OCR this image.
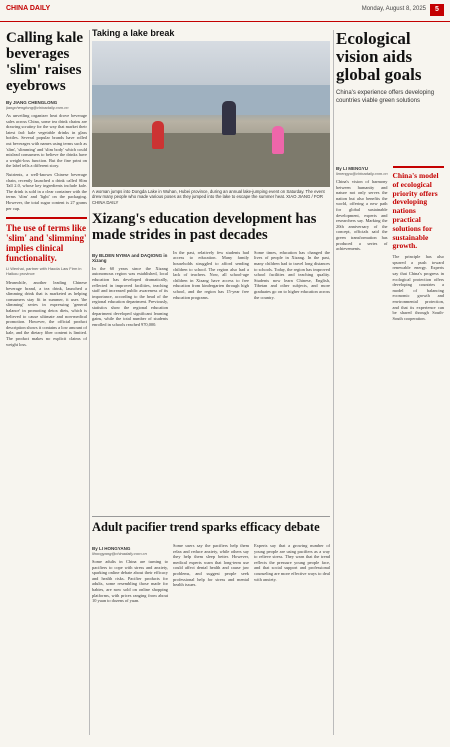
CHINA DAILY	Monday, August 8, 2025	5
Calling kale beverages 'slim' raises eyebrows
By JIANG CHENGLONG
jiangchenglong@chinadaily.com.cn
As unveiling organizer heat drove beverage sales across China, some tea drink chains are drawing scrutiny for the way that market their latest fad: kale vegetable drinks in glass bottles. Several popular brands have rolled out beverages with names using terms such as 'slim', 'slimming' and 'slim body' which could mislead consumers to believe the drinks have a weight-loss function. But the fine print on the label tells a different story.
Nutrients, a well-known Chinese beverage chain, recently launched a drink called Slim Tall 2.0, whose key ingredients include kale. The drink is sold in a clear container with the terms 'slim' and 'light' on the packaging. However, the total sugar content is 27 grams per cup.
The use of terms like 'slim' and 'slimming' implies clinical functionality.
Li Wenhai, partner with Haoda Law Firm in Haikou province
Meanwhile, another leading Chinese beverage brand, a tea drink, launched a slimming drink that is marketed as helping consumers stay fit in summer, it uses 'the slimming' series in expressing 'general balance' in promoting detox diets, which is believed to cause ultimate and non-medical promotion. However, the official product description shows it contains a low amount of kale, and the dietary fiber content is limited. The product makes no explicit claims of weight loss.
Taking a lake break
A woman jumps into Dongda Lake in Wuhan, Hubei province, during an annual lake-jumping event on Saturday. The event drew many people who made various poses as they jumped into the lake to escape the summer heat. XIAO JIANG / FOR CHINA DAILY
Xizang's education development has made strides in past decades
By BLDEN NYIMA and DAQIONG in Xizang
In the 60 years since the Xizang autonomous region was established, local education has developed dramatically, reflected in improved facilities, teaching staff and increased public awareness of its importance, according to the head of the regional education department. Previously, statistics show the regional education department developed significant learning gains, while the total number of students enrolled in schools reached 970,000.
In the past, relatively few students had access to education. Many family households struggled to afford sending children to school. The region also had a lack of teachers. Now, all school-age children in Xizang have access to free education from kindergarten through high school, and the region has 15-year free education programs.
Some times, education has changed the lives of people in Xizang. In the past, many children had to travel long distances to schools. Today, the region has improved school facilities and teaching quality. Students now learn Chinese, English, Tibetan and other subjects, and more graduates go on to higher education across the country.
Adult pacifier trend sparks efficacy debate
By LI HONGYANG
lihongyang@chinadaily.com.cn
Some adults in China are turning to pacifiers to cope with stress and anxiety, sparking online debate about their efficacy and health risks. Pacifier products for adults, some resembling those made for babies, are now sold on online shopping platforms, with prices ranging from about 10 yuan to dozens of yuan.
Some users say the pacifiers help them relax and reduce anxiety, while others say they help them sleep better. However, medical experts warn that long-term use could affect dental health and cause jaw problems, and suggest people seek professional help for stress and mental health issues.
Experts say that a growing number of young people are using pacifiers as a way to relieve stress. They warn that the trend reflects the pressure young people face, and that social support and professional counseling are more effective ways to deal with anxiety.
Ecological vision aids global goals
China's experience offers developing countries viable green solutions
By LI MENGYU
limengyu@chinadaily.com.cn
China's vision of harmony between humanity and nature not only serves the nation but also benefits the world, offering a new path for global sustainable development, experts and researchers say. Marking the 20th anniversary of the concept, officials said the green transformation has produced a series of achievements.
China's model of ecological priority offers developing nations practical solutions for sustainable growth.
The principle has also spurred a push toward renewable energy. Experts say that China's progress in ecological protection offers developing countries a model of balancing economic growth and environmental protection, and that its experience can be shared through South-South cooperation.
